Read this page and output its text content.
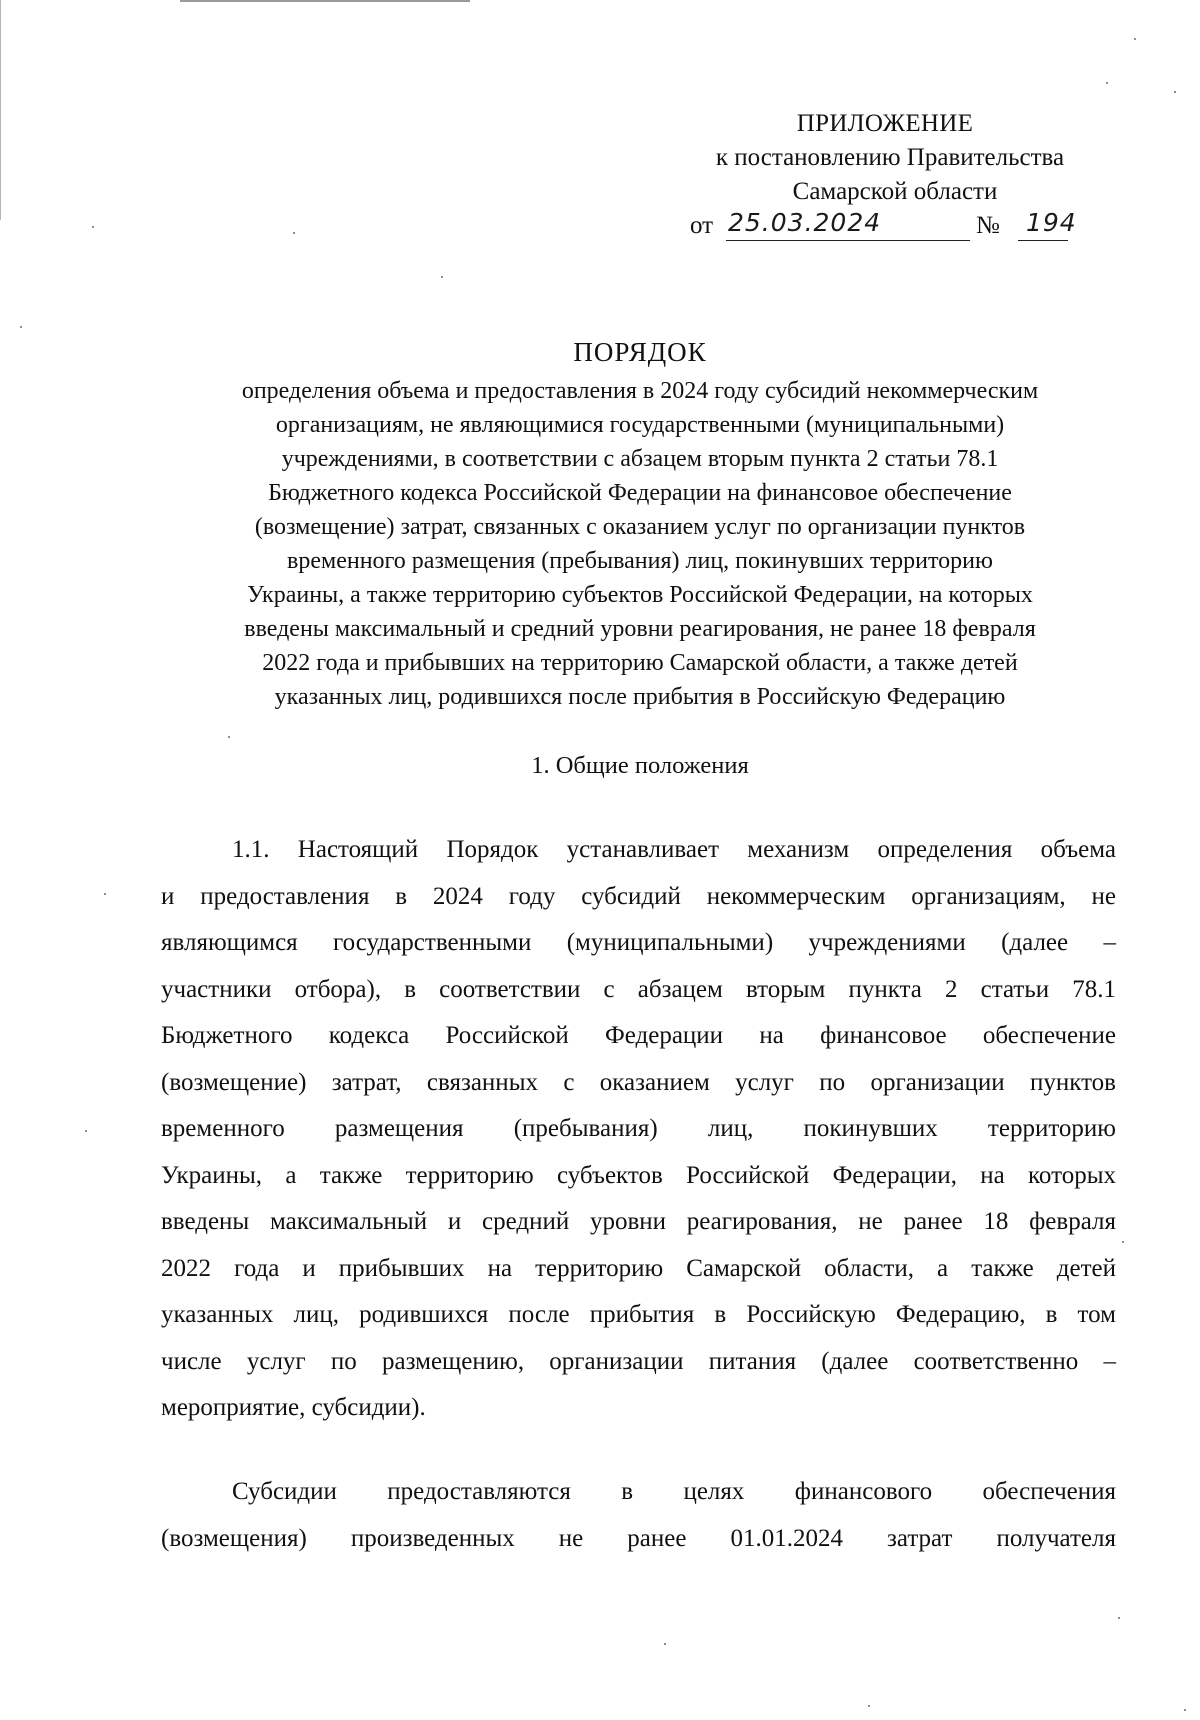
ПРИЛОЖЕНИЕ
к постановлению Правительства
Самарской области
от 25.03.2024	№ 194
ПОРЯДОК
определения объема и предоставления в 2024 году субсидий некоммерческим
организациям, не являющимися государственными (муниципальными)
учреждениями, в соответствии с абзацем вторым пункта 2 статьи 78.1
Бюджетного кодекса Российской Федерации на финансовое обеспечение
(возмещение) затрат, связанных с оказанием услуг по организации пунктов
временного размещения (пребывания) лиц, покинувших территорию
Украины, а также территорию субъектов Российской Федерации, на которых
введены максимальный и средний уровни реагирования, не ранее 18 февраля
2022 года и прибывших на территорию Самарской области, а также детей
указанных лиц, родившихся после прибытия в Российскую Федерацию
1. Общие положения
1.1. Настоящий Порядок устанавливает механизм определения объема
и предоставления в 2024 году субсидий некоммерческим организациям, не
являющимся государственными (муниципальными) учреждениями (далее –
участники отбора), в соответствии с абзацем вторым пункта 2 статьи 78.1
Бюджетного кодекса Российской Федерации на финансовое обеспечение
(возмещение) затрат, связанных с оказанием услуг по организации пунктов
временного размещения (пребывания) лиц, покинувших территорию
Украины, а также территорию субъектов Российской Федерации, на которых
введены максимальный и средний уровни реагирования, не ранее 18 февраля
2022 года и прибывших на территорию Самарской области, а также детей
указанных лиц, родившихся после прибытия в Российскую Федерацию, в том
числе услуг по размещению, организации питания (далее соответственно –
мероприятие, субсидии).
Субсидии предоставляются в целях финансового обеспечения
(возмещения) произведенных не ранее 01.01.2024 затрат получателя
